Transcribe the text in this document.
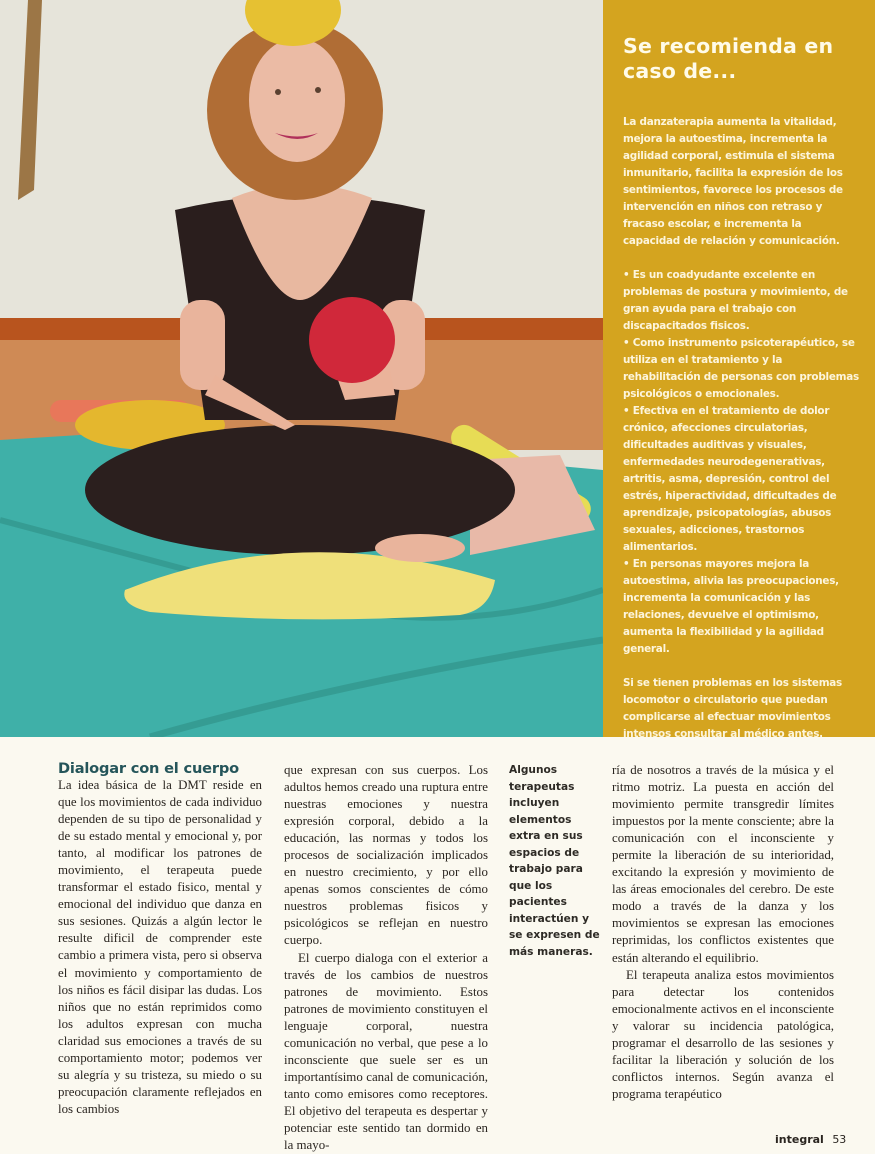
Se recomienda en caso de...

La danzaterapia aumenta la vitalidad, mejora la autoestima, incrementa la agilidad corporal, estimula el sistema inmunitario, facilita la expresión de los sentimientos, favorece los procesos de intervención en niños con retraso y fracaso escolar, e incrementa la capacidad de relación y comunicación.

• Es un coadyudante excelente en problemas de postura y movimiento, de gran ayuda para el trabajo con discapacitados fisicos.

• Como instrumento psicoterapéutico, se utiliza en el tratamiento y la rehabilitación de personas con problemas psicológicos o emocionales.

• Efectiva en el tratamiento de dolor crónico, afecciones circulatorias, dificultades auditivas y visuales, enfermedades neurodegenerativas, artritis, asma, depresión, control del estrés, hiperactividad, dificultades de aprendizaje, psicopatologías, abusos sexuales, adicciones, trastornos alimentarios.

• En personas mayores mejora la autoestima, alivia las preocupaciones, incrementa la comunicación y las relaciones, devuelve el optimismo, aumenta la flexibilidad y la agilidad general.

Si se tienen problemas en los sistemas locomotor o circulatorio que puedan complicarse al efectuar movimientos intensos consultar al médico antes.

Dialogar con el cuerpo

La idea básica de la DMT reside en que los movimientos de cada individuo dependen de su tipo de personalidad y de su estado mental y emocional y, por tanto, al modificar los patrones de movimiento, el terapeuta puede transformar el estado fisico, mental y emocional del individuo que danza en sus sesiones. Quizás a algún lector le resulte dificil de comprender este cambio a primera vista, pero si observa el movimiento y comportamiento de los niños es fácil disipar las dudas. Los niños que no están reprimidos como los adultos expresan con mucha claridad sus emociones a través de su comportamiento motor; podemos ver su alegría y su tristeza, su miedo o su preocupación claramente reflejados en los cambios

que expresan con sus cuerpos. Los adultos hemos creado una ruptura entre nuestras emociones y nuestra expresión corporal, debido a la educación, las normas y todos los procesos de socialización implicados en nuestro crecimiento, y por ello apenas somos conscientes de cómo nuestros problemas fisicos y psicológicos se reflejan en nuestro cuerpo.

El cuerpo dialoga con el exterior a través de los cambios de nuestros patrones de movimiento. Estos patrones de movimiento constituyen el lenguaje corporal, nuestra comunicación no verbal, que pese a lo inconsciente que suele ser es un importantísimo canal de comunicación, tanto como emisores como receptores. El objetivo del terapeuta es despertar y potenciar este sentido tan dormido en la mayo-

Algunos terapeutas incluyen elementos extra en sus espacios de trabajo para que los pacientes interactúen y se expresen de más maneras.

ría de nosotros a través de la música y el ritmo motriz. La puesta en acción del movimiento permite transgredir límites impuestos por la mente consciente; abre la comunicación con el inconsciente y permite la liberación de su interioridad, excitando la expresión y movimiento de las áreas emocionales del cerebro. De este modo a través de la danza y los movimientos se expresan las emociones reprimidas, los conflictos existentes que están alterando el equilibrio.

El terapeuta analiza estos movimientos para detectar los contenidos emocionalmente activos en el inconsciente y valorar su incidencia patológica, programar el desarrollo de las sesiones y facilitar la liberación y solución de los conflictos internos. Según avanza el programa terapéutico

integral 53
